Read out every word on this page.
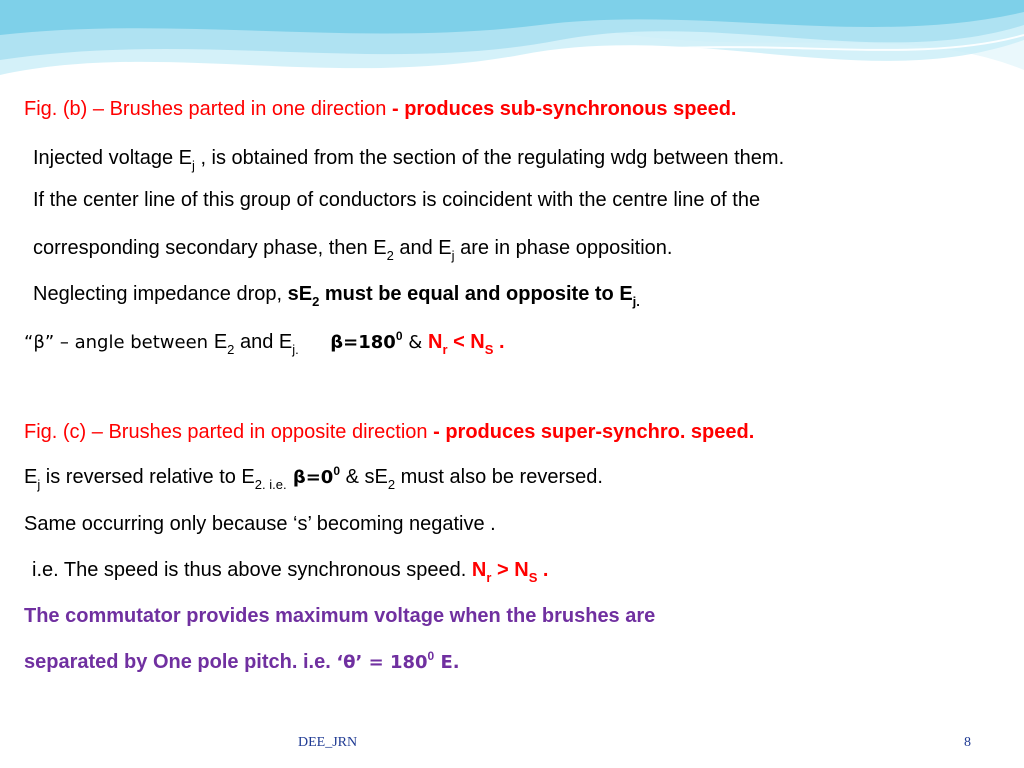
Fig. (b) – Brushes parted in one direction - produces sub-synchronous speed.
Injected voltage $E_j$ , is obtained from the section of the regulating wdg between them.
If the center line of this group of conductors is coincident with the centre line of the
corresponding secondary phase, then $E_2$ and $E_j$ are in phase opposition.
Neglecting impedance drop, $sE_2$ must be equal and opposite to $E_{j.}$
“β” – angle between $E_2$ and $E_{j.}$ $\beta=180^0$ & $N_r < N_S$ .
Fig. (c) – Brushes parted in opposite direction - produces super-synchro. speed.
$E_j$ is reversed relative to $E_{2. i.e.}$ $\beta=0^0$ & $sE_2$ must also be reversed.
Same occurring only because ‘s’ becoming negative .
i.e. The speed is thus above synchronous speed. $N_r > N_S$ .
The commutator provides maximum voltage when the brushes are
separated by One pole pitch. i.e. ‘θ’ = $180^0$ E.
DEE_JRN	8
